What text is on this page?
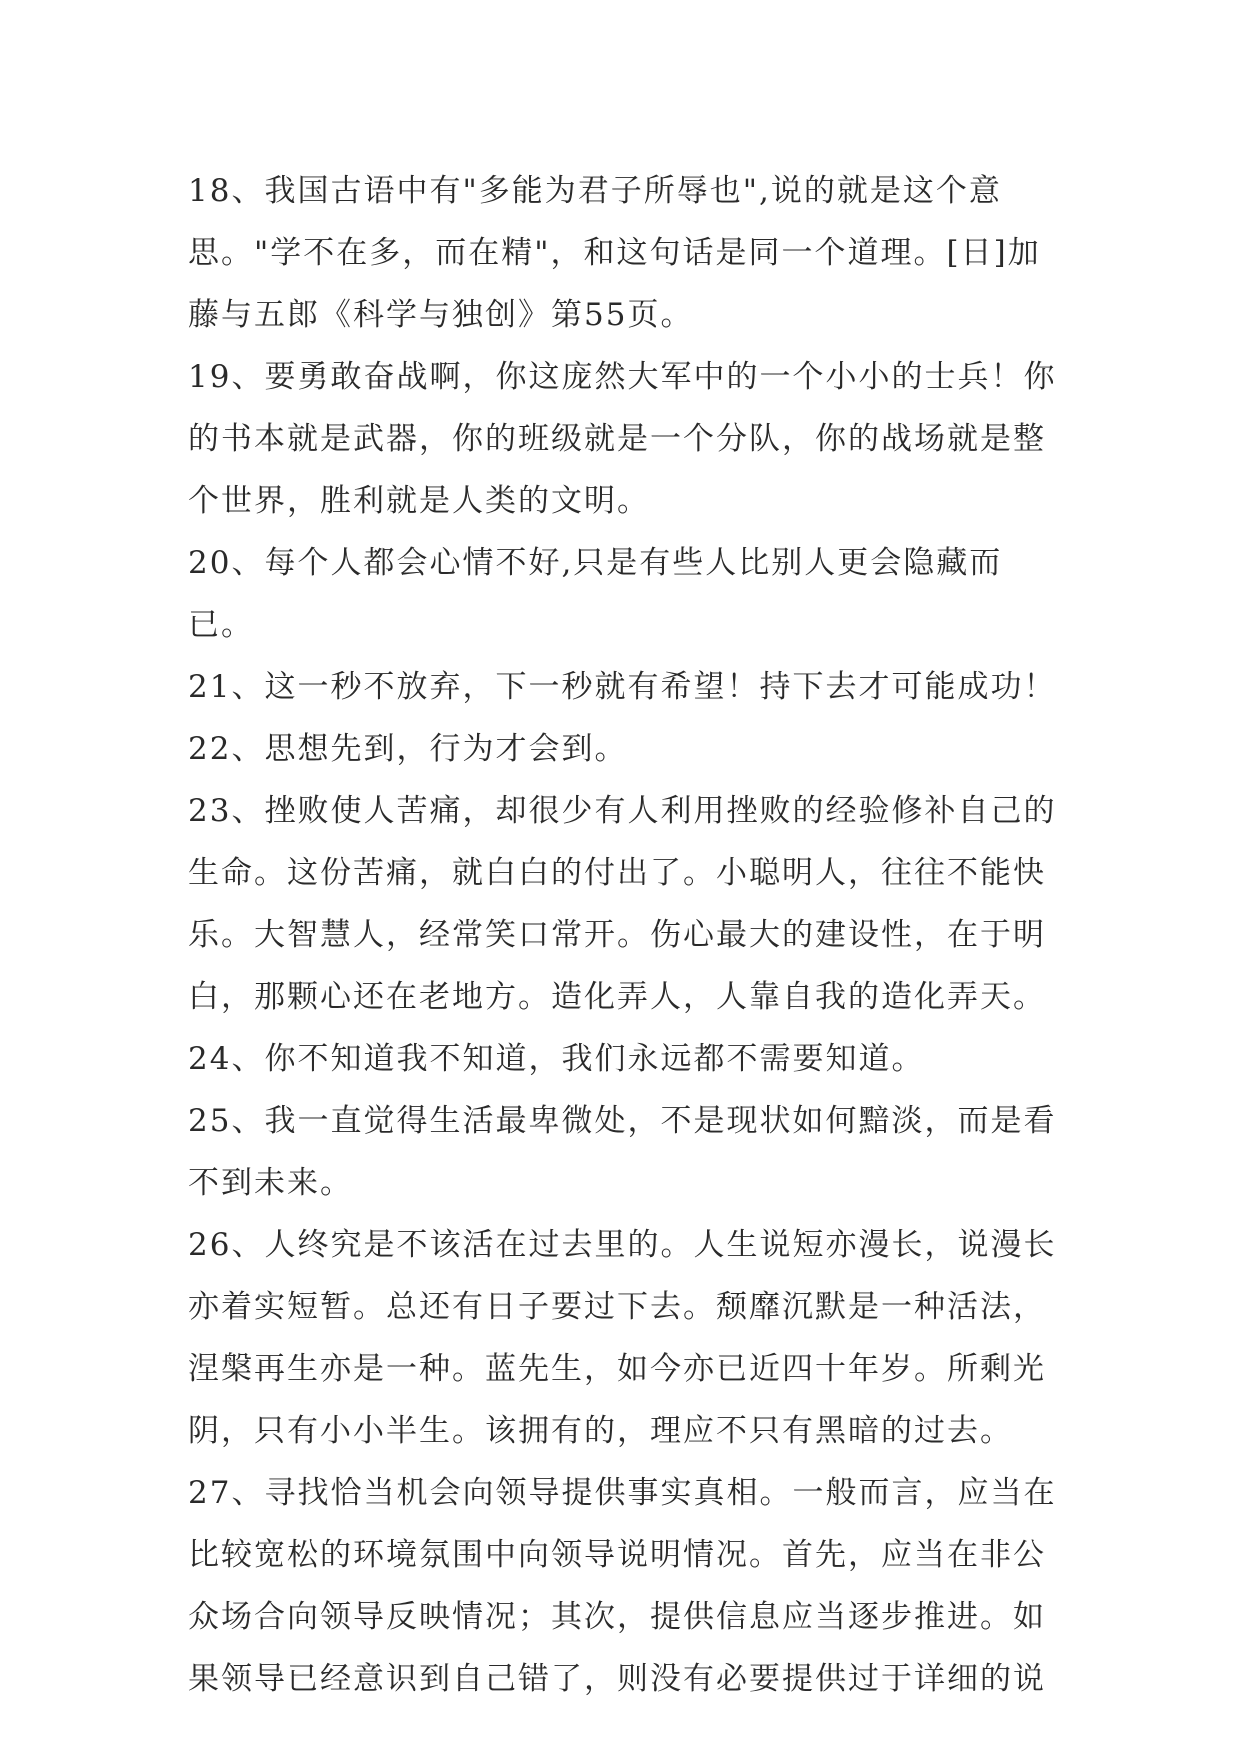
18、我国古语中有"多能为君子所辱也",说的就是这个意思。"学不在多，而在精"，和这句话是同一个道理。[日]加藤与五郎《科学与独创》第55页。

19、要勇敢奋战啊，你这庞然大军中的一个小小的士兵！你的书本就是武器，你的班级就是一个分队，你的战场就是整个世界，胜利就是人类的文明。

20、每个人都会心情不好,只是有些人比别人更会隐藏而已。

21、这一秒不放弃，下一秒就有希望！持下去才可能成功！

22、思想先到，行为才会到。

23、挫败使人苦痛，却很少有人利用挫败的经验修补自己的生命。这份苦痛，就白白的付出了。小聪明人，往往不能快乐。大智慧人，经常笑口常开。伤心最大的建设性，在于明白，那颗心还在老地方。造化弄人，人靠自我的造化弄天。

24、你不知道我不知道，我们永远都不需要知道。

25、我一直觉得生活最卑微处，不是现状如何黯淡，而是看不到未来。

26、人终究是不该活在过去里的。人生说短亦漫长，说漫长亦着实短暂。总还有日子要过下去。颓靡沉默是一种活法，涅槃再生亦是一种。蓝先生，如今亦已近四十年岁。所剩光阴，只有小小半生。该拥有的，理应不只有黑暗的过去。

27、寻找恰当机会向领导提供事实真相。一般而言，应当在比较宽松的环境氛围中向领导说明情况。首先，应当在非公众场合向领导反映情况；其次，提供信息应当逐步推进。如果领导已经意识到自己错了，则没有必要提供过于详细的说
